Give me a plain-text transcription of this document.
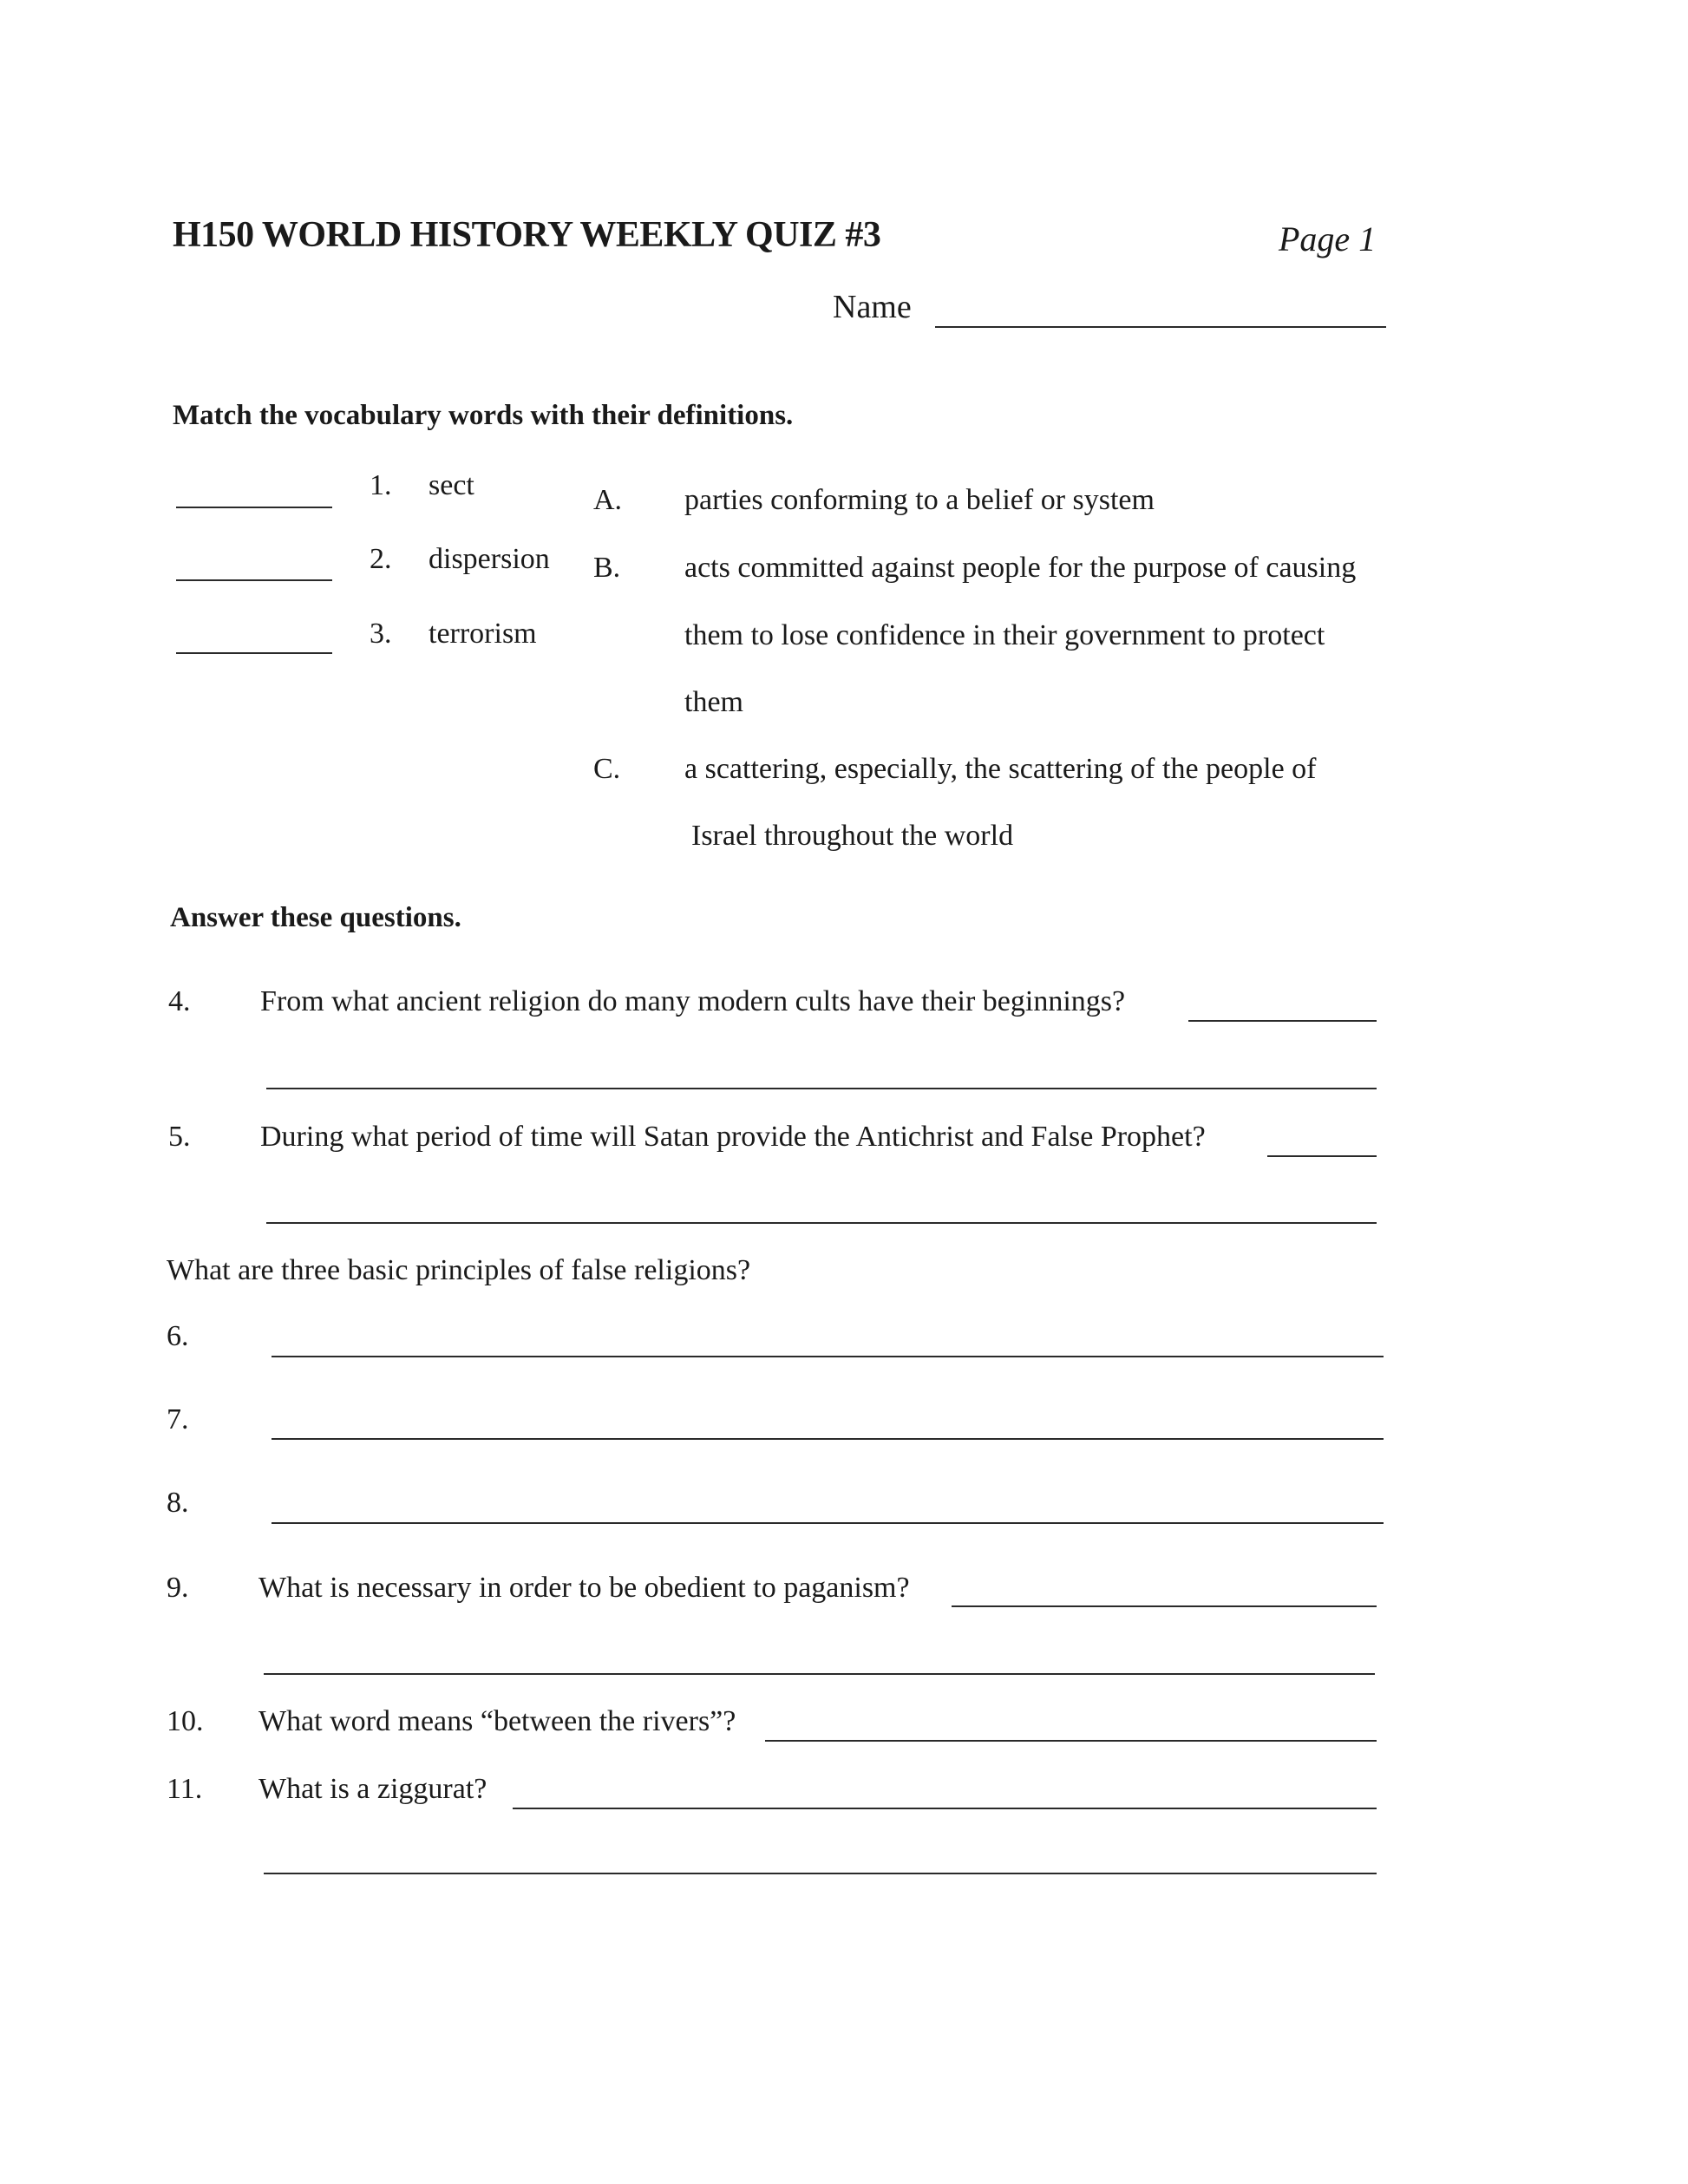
H150 WORLD HISTORY WEEKLY QUIZ #3	Page 1
Name
Match the vocabulary words with their definitions.
1. sect
2. dispersion
3. terrorism
A. parties conforming to a belief or system
B. acts committed against people for the purpose of causing
them to lose confidence in their government to protect
them
C. a scattering, especially, the scattering of the people of
Israel throughout the world
Answer these questions.
4. From what ancient religion do many modern cults have their beginnings?
5. During what period of time will Satan provide the Antichrist and False Prophet?
What are three basic principles of false religions?
6.
7.
8.
9. What is necessary in order to be obedient to paganism?
10. What word means “between the rivers”?
11. What is a ziggurat?
